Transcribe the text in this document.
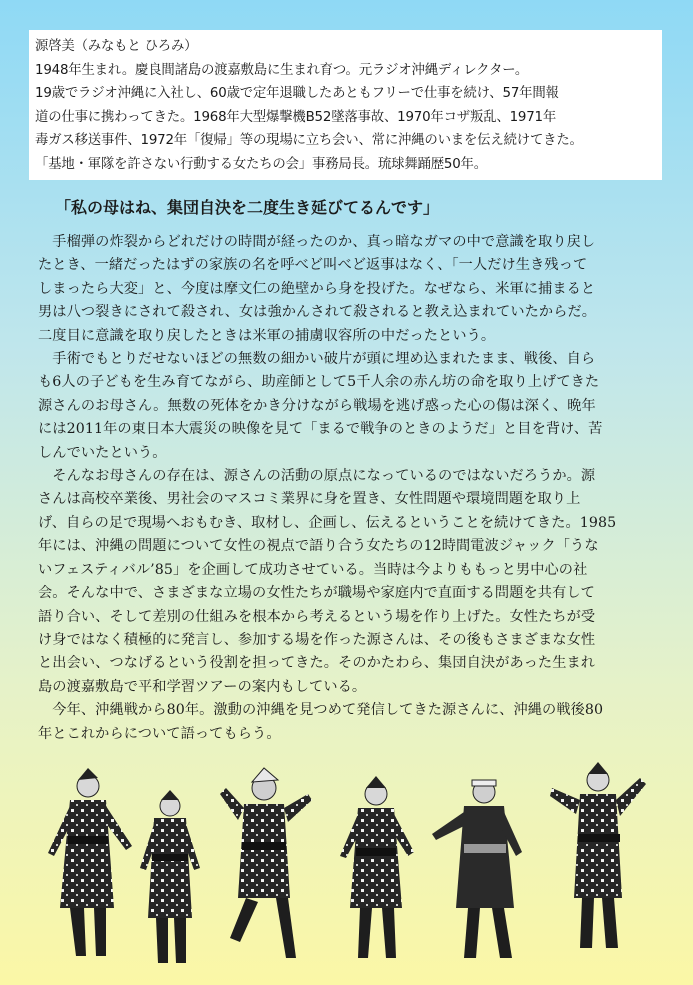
源啓美（みなもと ひろみ）
1948年生まれ。慶良間諸島の渡嘉敷島に生まれ育つ。元ラジオ沖縄ディレクター。
19歳でラジオ沖縄に入社し、60歳で定年退職したあともフリーで仕事を続け、57年間報
道の仕事に携わってきた。1968年大型爆撃機B52墜落事故、1970年コザ叛乱、1971年
毒ガス移送事件、1972年「復帰」等の現場に立ち会い、常に沖縄のいまを伝え続けてきた。
「基地・軍隊を許さない行動する女たちの会」事務局長。琉球舞踊歴50年。
「私の母はね、集団自決を二度生き延びてるんです」
　手榴弾の炸裂からどれだけの時間が経ったのか、真っ暗なガマの中で意識を取り戻し
たとき、一緒だったはずの家族の名を呼べど叫べど返事はなく、「一人だけ生き残って
しまったら大変」と、今度は摩文仁の絶壁から身を投げた。なぜなら、米軍に捕まると
男は八つ裂きにされて殺され、女は強かんされて殺されると教え込まれていたからだ。
二度目に意識を取り戻したときは米軍の捕虜収容所の中だったという。
　手術でもとりだせないほどの無数の細かい破片が頭に埋め込まれたまま、戦後、自ら
も6人の子どもを生み育てながら、助産師として5千人余の赤ん坊の命を取り上げてきた
源さんのお母さん。無数の死体をかき分けながら戦場を逃げ惑った心の傷は深く、晩年
には2011年の東日本大震災の映像を見て「まるで戦争のときのようだ」と目を背け、苦
しんでいたという。
　そんなお母さんの存在は、源さんの活動の原点になっているのではないだろうか。源
さんは高校卒業後、男社会のマスコミ業界に身を置き、女性問題や環境問題を取り上
げ、自らの足で現場へおもむき、取材し、企画し、伝えるということを続けてきた。1985
年には、沖縄の問題について女性の視点で語り合う女たちの12時間電波ジャック「うな
いフェスティバル’85」を企画して成功させている。当時は今よりももっと男中心の社
会。そんな中で、さまざまな立場の女性たちが職場や家庭内で直面する問題を共有して
語り合い、そして差別の仕組みを根本から考えるという場を作り上げた。女性たちが受
け身ではなく積極的に発言し、参加する場を作った源さんは、その後もさまざまな女性
と出会い、つなげるという役割を担ってきた。そのかたわら、集団自決があった生まれ
島の渡嘉敷島で平和学習ツアーの案内もしている。
　今年、沖縄戦から80年。激動の沖縄を見つめて発信してきた源さんに、沖縄の戦後80
年とこれからについて語ってもらう。
